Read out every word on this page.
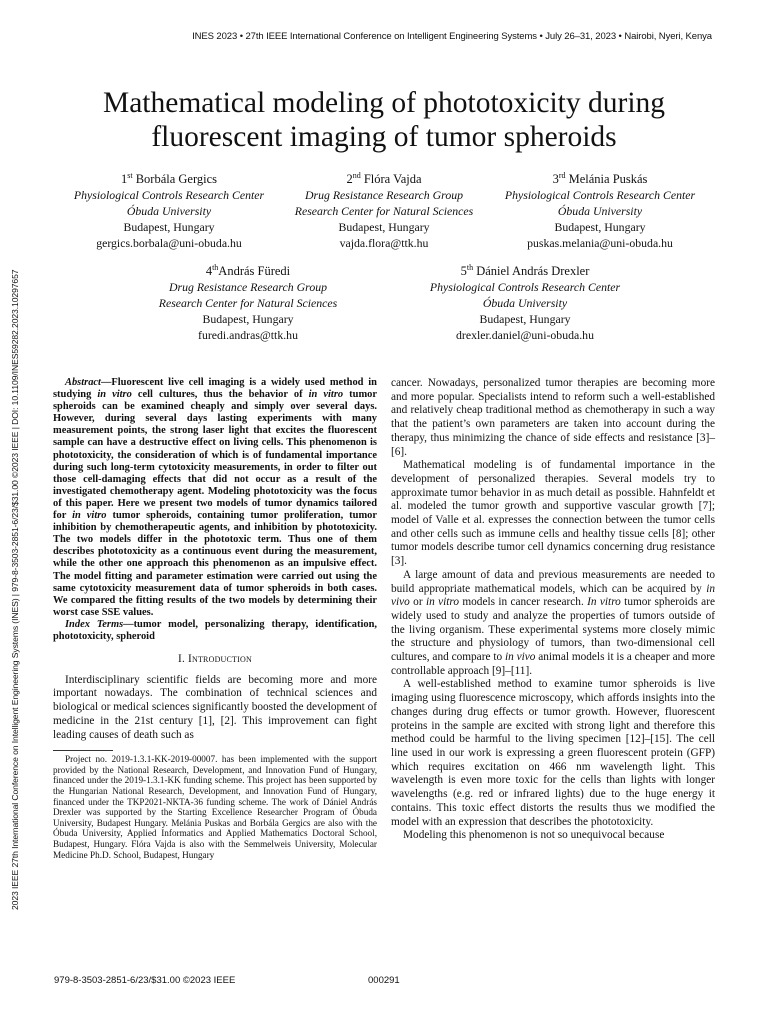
INES 2023 • 27th IEEE International Conference on Intelligent Engineering Systems • July 26–31, 2023 • Nairobi, Nyeri, Kenya
2023 IEEE 27th International Conference on Intelligent Engineering Systems (INES) | 979-8-3503-2851-6/23/$31.00 ©2023 IEEE | DOI: 10.1109/INES59282.2023.10297657
Mathematical modeling of phototoxicity during
fluorescent imaging of tumor spheroids
1st Borbála Gergics
Physiological Controls Research Center
Óbuda University
Budapest, Hungary
gergics.borbala@uni-obuda.hu
2nd Flóra Vajda
Drug Resistance Research Group
Research Center for Natural Sciences
Budapest, Hungary
vajda.flora@ttk.hu
3rd Melánia Puskás
Physiological Controls Research Center
Óbuda University
Budapest, Hungary
puskas.melania@uni-obuda.hu
4thAndrás Füredi
Drug Resistance Research Group
Research Center for Natural Sciences
Budapest, Hungary
furedi.andras@ttk.hu
5th Dániel András Drexler
Physiological Controls Research Center
Óbuda University
Budapest, Hungary
drexler.daniel@uni-obuda.hu

Abstract—Fluorescent live cell imaging is a widely used method in studying in vitro cell cultures, thus the behavior of in vitro tumor spheroids can be examined cheaply and simply over several days. However, during several days lasting experiments with many measurement points, the strong laser light that excites the fluorescent sample can have a destructive effect on living cells. This phenomenon is phototoxicity, the consideration of which is of fundamental importance during such long-term cytotoxicity measurements, in order to filter out those cell-damaging effects that did not occur as a result of the investigated chemotherapy agent. Modeling phototoxicity was the focus of this paper. Here we present two models of tumor dynamics tailored for in vitro tumor spheroids, containing tumor proliferation, tumor inhibition by chemotherapeutic agents, and inhibition by phototoxicity. The two models differ in the phototoxic term. Thus one of them describes phototoxicity as a continuous event during the measurement, while the other one approach this phenomenon as an impulsive effect. The model fitting and parameter estimation were carried out using the same cytotoxicity measurement data of tumor spheroids in both cases. We compared the fitting results of the two models by determining their worst case SSE values.

Index Terms—tumor model, personalizing therapy, identification, phototoxicity, spheroid

I. Introduction

Interdisciplinary scientific fields are becoming more and more important nowadays. The combination of technical sciences and biological or medical sciences significantly boosted the development of medicine in the 21st century [1], [2]. This improvement can fight leading causes of death such as

Project no. 2019-1.3.1-KK-2019-00007. has been implemented with the support provided by the National Research, Development, and Innovation Fund of Hungary, financed under the 2019-1.3.1-KK funding scheme. This project has been supported by the Hungarian National Research, Development, and Innovation Fund of Hungary, financed under the TKP2021-NKTA-36 funding scheme. The work of Dániel András Drexler was supported by the Starting Excellence Researcher Program of Óbuda University, Budapest Hungary. Melánia Puskas and Borbála Gergics are also with the Óbuda University, Applied Informatics and Applied Mathematics Doctoral School, Budapest, Hungary. Flóra Vajda is also with the Semmelweis University, Molecular Medicine Ph.D. School, Budapest, Hungary

cancer. Nowadays, personalized tumor therapies are becoming more and more popular. Specialists intend to reform such a well-established and relatively cheap traditional method as chemotherapy in such a way that the patient’s own parameters are taken into account during the therapy, thus minimizing the chance of side effects and resistance [3]–[6].

Mathematical modeling is of fundamental importance in the development of personalized therapies. Several models try to approximate tumor behavior in as much detail as possible. Hahnfeldt et al. modeled the tumor growth and supportive vascular growth [7]; model of Valle et al. expresses the connection between the tumor cells and other cells such as immune cells and healthy tissue cells [8]; other tumor models describe tumor cell dynamics concerning drug resistance [3].

A large amount of data and previous measurements are needed to build appropriate mathematical models, which can be acquired by in vivo or in vitro models in cancer research. In vitro tumor spheroids are widely used to study and analyze the properties of tumors outside of the living organism. These experimental systems more closely mimic the structure and physiology of tumors, than two-dimensional cell cultures, and compare to in vivo animal models it is a cheaper and more controllable approach [9]–[11].

A well-established method to examine tumor spheroids is live imaging using fluorescence microscopy, which affords insights into the changes during drug effects or tumor growth. However, fluorescent proteins in the sample are excited with strong light and therefore this method could be harmful to the living specimen [12]–[15]. The cell line used in our work is expressing a green fluorescent protein (GFP) which requires excitation on 466 nm wavelength light. This wavelength is even more toxic for the cells than lights with longer wavelengths (e.g. red or infrared lights) due to the huge energy it contains. This toxic effect distorts the results thus we modified the model with an expression that describes the phototoxicity.

Modeling this phenomenon is not so unequivocal because

979-8-3503-2851-6/23/$31.00 ©2023 IEEE	000291
